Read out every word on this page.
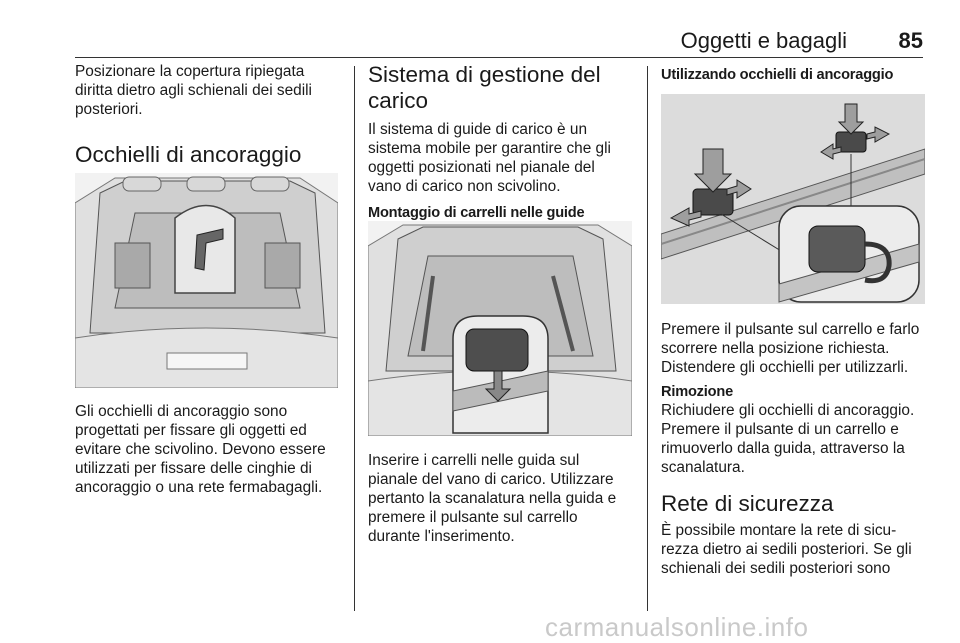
Oggetti e bagagli 85

Posizionare la copertura ripiegata

diritta dietro agli schienali dei sedili

posteriori.

Occhielli di ancoraggio

Gli occhielli di ancoraggio sono

progettati per fissare gli oggetti ed

evitare che scivolino. Devono essere

utilizzati per fissare delle cinghie di

ancoraggio o una rete fermabagagli.

Sistema di gestione del
carico

Il sistema di guide di carico è un

sistema mobile per garantire che gli

oggetti posizionati nel pianale del

vano di carico non scivolino.

Montaggio di carrelli nelle guide

Inserire i carrelli nelle guida sul

pianale del vano di carico. Utilizzare

pertanto la scanalatura nella guida e

premere il pulsante sul carrello

durante l'inserimento.

Utilizzando occhielli di ancoraggio

Premere il pulsante sul carrello e farlo

scorrere nella posizione richiesta.

Distendere gli occhielli per utilizzarli.

Rimozione

Richiudere gli occhielli di ancoraggio.

Premere il pulsante di un carrello e

rimuoverlo dalla guida, attraverso la

scanalatura.

Rete di sicurezza

È possibile montare la rete di sicu-

rezza dietro ai sedili posteriori. Se gli

schienali dei sedili posteriori sono

carmanualsonline.info
